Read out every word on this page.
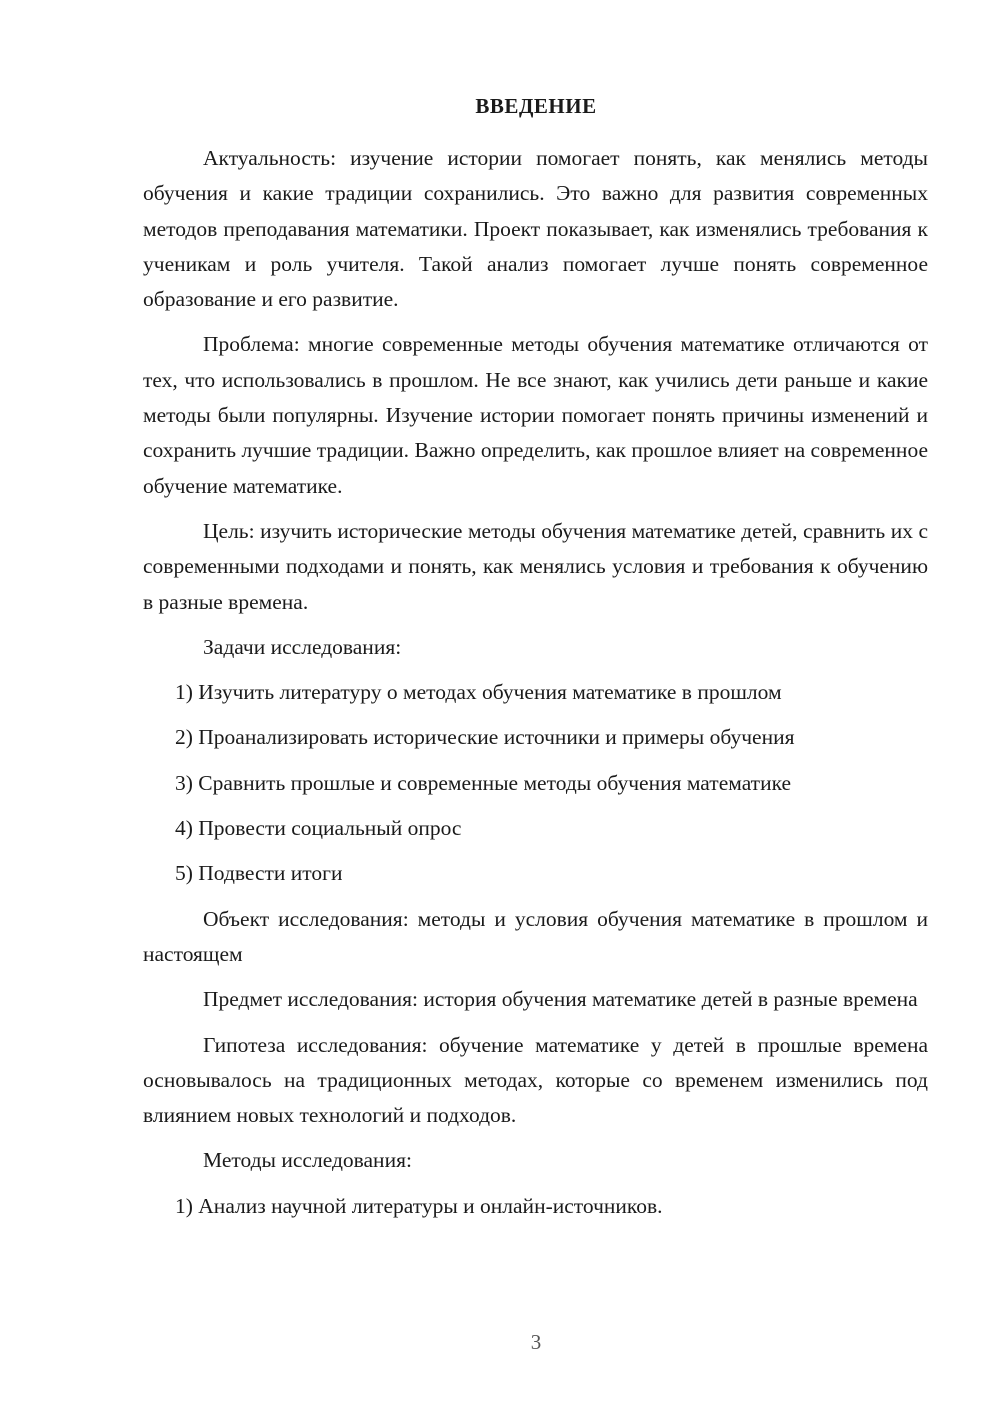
ВВЕДЕНИЕ

Актуальность: изучение истории помогает понять, как менялись методы обучения и какие традиции сохранились. Это важно для развития современных методов преподавания математики. Проект показывает, как изменялись требования к ученикам и роль учителя. Такой анализ помогает лучше понять современное образование и его развитие.

Проблема: многие современные методы обучения математике отличаются от тех, что использовались в прошлом. Не все знают, как учились дети раньше и какие методы были популярны. Изучение истории помогает понять причины изменений и сохранить лучшие традиции. Важно определить, как прошлое влияет на современное обучение математике.

Цель: изучить исторические методы обучения математике детей, сравнить их с современными подходами и понять, как менялись условия и требования к обучению в разные времена.

Задачи исследования:

1) Изучить литературу о методах обучения математике в прошлом

2) Проанализировать исторические источники и примеры обучения

3) Сравнить прошлые и современные методы обучения математике

4) Провести социальный опрос

5) Подвести итоги

Объект исследования: методы и условия обучения математике в прошлом и настоящем

Предмет исследования: история обучения математике детей в разные времена

Гипотеза исследования: обучение математике у детей в прошлые времена основывалось на традиционных методах, которые со временем изменились под влиянием новых технологий и подходов.

Методы исследования:

1) Анализ научной литературы и онлайн-источников.

3
